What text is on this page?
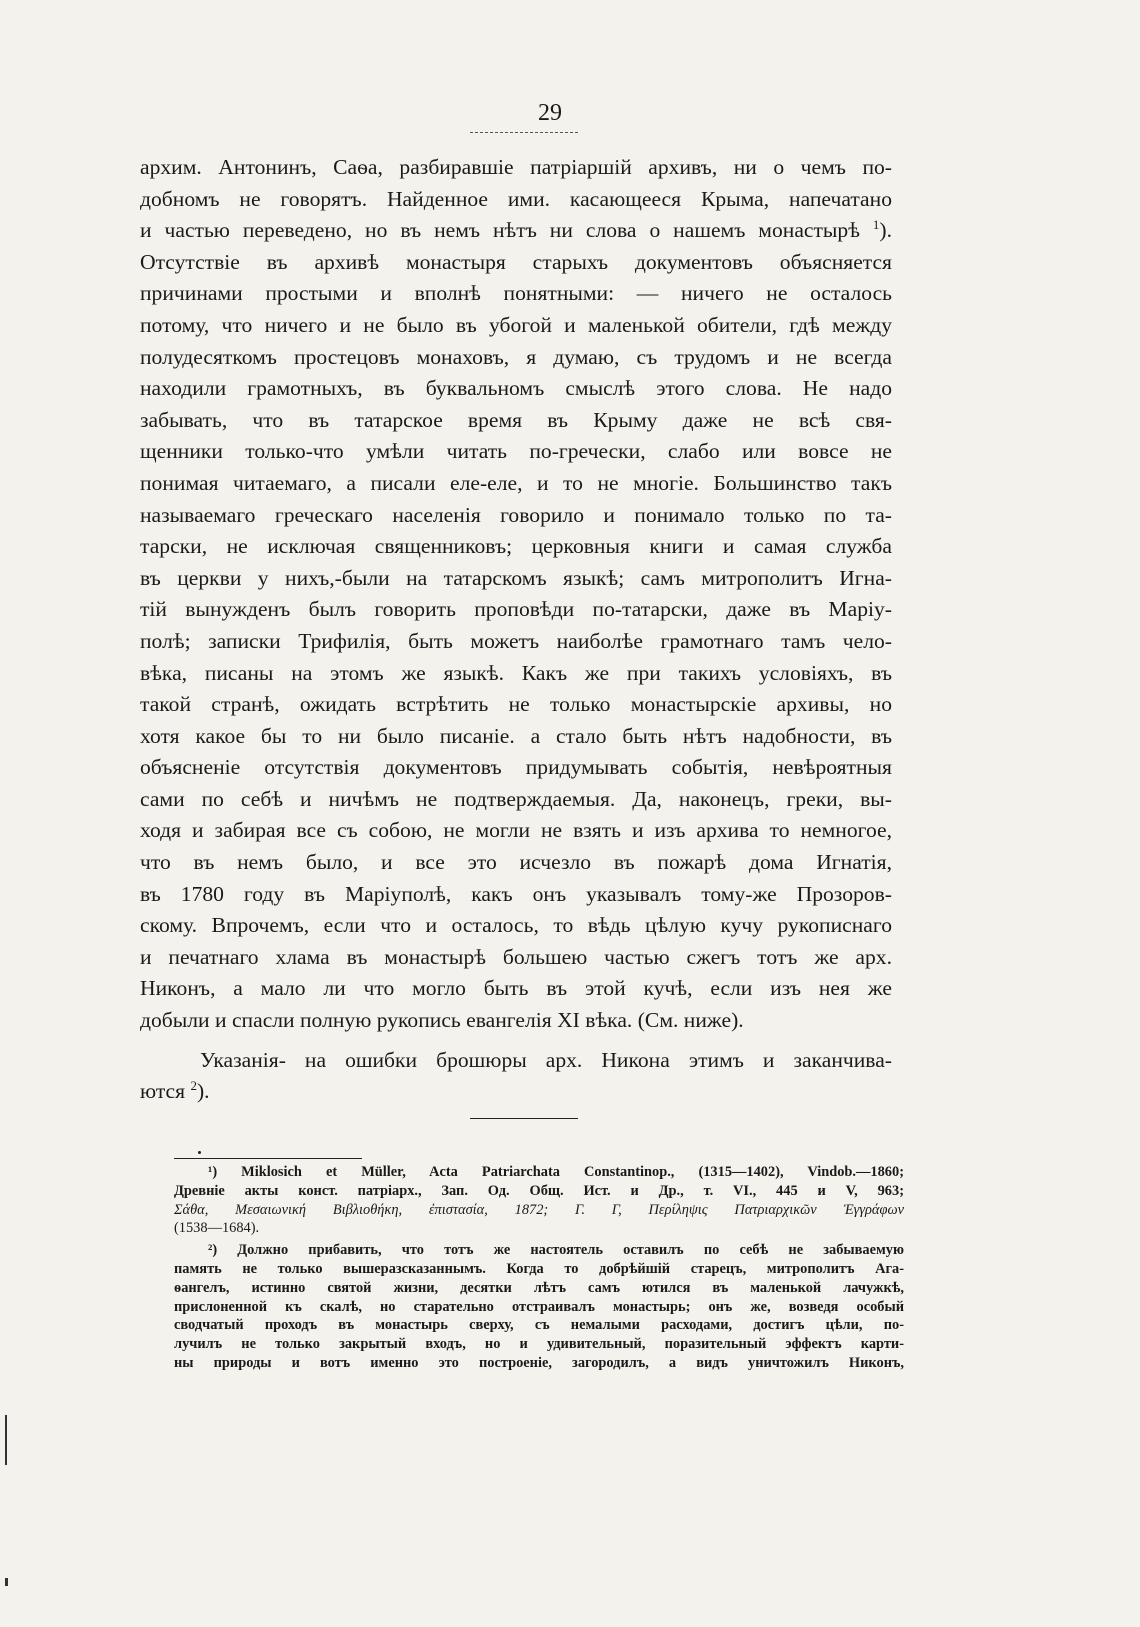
29
архим. Антонинъ, Саѳа, разбиравшіе патріаршій архивъ, ни о чемъ по-
добномъ не говорятъ. Найденное ими. касающееся Крыма, напечатано
и частью переведено, но въ немъ нѣтъ ни слова о нашемъ монастырѣ $^1$).
Отсутствіе въ архивѣ монастыря старыхъ документовъ объясняется
причинами простыми и вполнѣ понятными: — ничего не осталось
потому, что ничего и не было въ убогой и маленькой обители, гдѣ между
полудесяткомъ простецовъ монаховъ, я думаю, съ трудомъ и не всегда
находили грамотныхъ, въ буквальномъ смыслѣ этого слова. Не надо
забывать, что въ татарское время въ Крыму даже не всѣ свя-
щенники только-что умѣли читать по-гречески, слабо или вовсе не
понимая читаемаго, а писали еле-еле, и то не многіе. Большинство такъ
называемаго греческаго населенія говорило и понимало только по та-
тарски, не исключая священниковъ; церковныя книги и самая служба
въ церкви у нихъ,-были на татарскомъ языкѣ; самъ митрополитъ Игна-
тій вынужденъ былъ говорить проповѣди по-татарски, даже въ Маріу-
полѣ; записки Трифилія, быть можетъ наиболѣе грамотнаго тамъ чело-
вѣка, писаны на этомъ же языкѣ. Какъ же при такихъ условіяхъ, въ
такой странѣ, ожидать встрѣтить не только монастырскіе архивы, но
хотя какое бы то ни было писаніе. а стало быть нѣтъ надобности, въ
объясненіе отсутствія документовъ придумывать событія, невѣроятныя
сами по себѣ и ничѣмъ не подтверждаемыя. Да, наконецъ, греки, вы-
ходя и забирая все съ собою, не могли не взять и изъ архива то немногое,
что въ немъ было, и все это исчезло въ пожарѣ дома Игнатія,
въ 1780 году въ Маріуполѣ, какъ онъ указывалъ тому-же Прозоров-
скому. Впрочемъ, если что и осталось, то вѣдь цѣлую кучу рукописнаго
и печатнаго хлама въ монастырѣ большею частью сжегъ тотъ же арх.
Никонъ, а мало ли что могло быть въ этой кучѣ, если изъ нея же
добыли и спасли полную рукопись евангелія XI вѣка. (См. ниже).
Указанія- на ошибки брошюры арх. Никона этимъ и заканчива-
ются $^2$).
¹) Miklosich et Müller, Acta Patriarchata Constantinop., (1315—1402), Vindob.—1860;
Древніе акты конст. патріарх., Зап. Од. Общ. Ист. и Др., т. VI., 445 и V, 963;
Σάθα, Μεσαιωνική Βιβλιοθήκη, ἐπιστασία, 1872; Γ. Γ, Περίληψις Πατριαρχικῶν Ἐγγράφων
(1538—1684).
²) Должно прибавить, что тотъ же настоятель оставилъ по себѣ не забываемую
память не только вышеразсказаннымъ. Когда то добрѣйшій старецъ, митрополитъ Ага-
ѳангелъ, истинно святой жизни, десятки лѣтъ самъ ютился въ маленькой лачужкѣ,
прислоненной къ скалѣ, но старательно отстраивалъ монастырь; онъ же, возведя особый
сводчатый проходъ въ монастырь сверху, съ немалыми расходами, достигъ цѣли, по-
лучилъ не только закрытый входъ, но и удивительный, поразительный эффектъ карти-
ны природы и вотъ именно это построеніе, загородилъ, а видъ уничтожилъ Никонъ,
